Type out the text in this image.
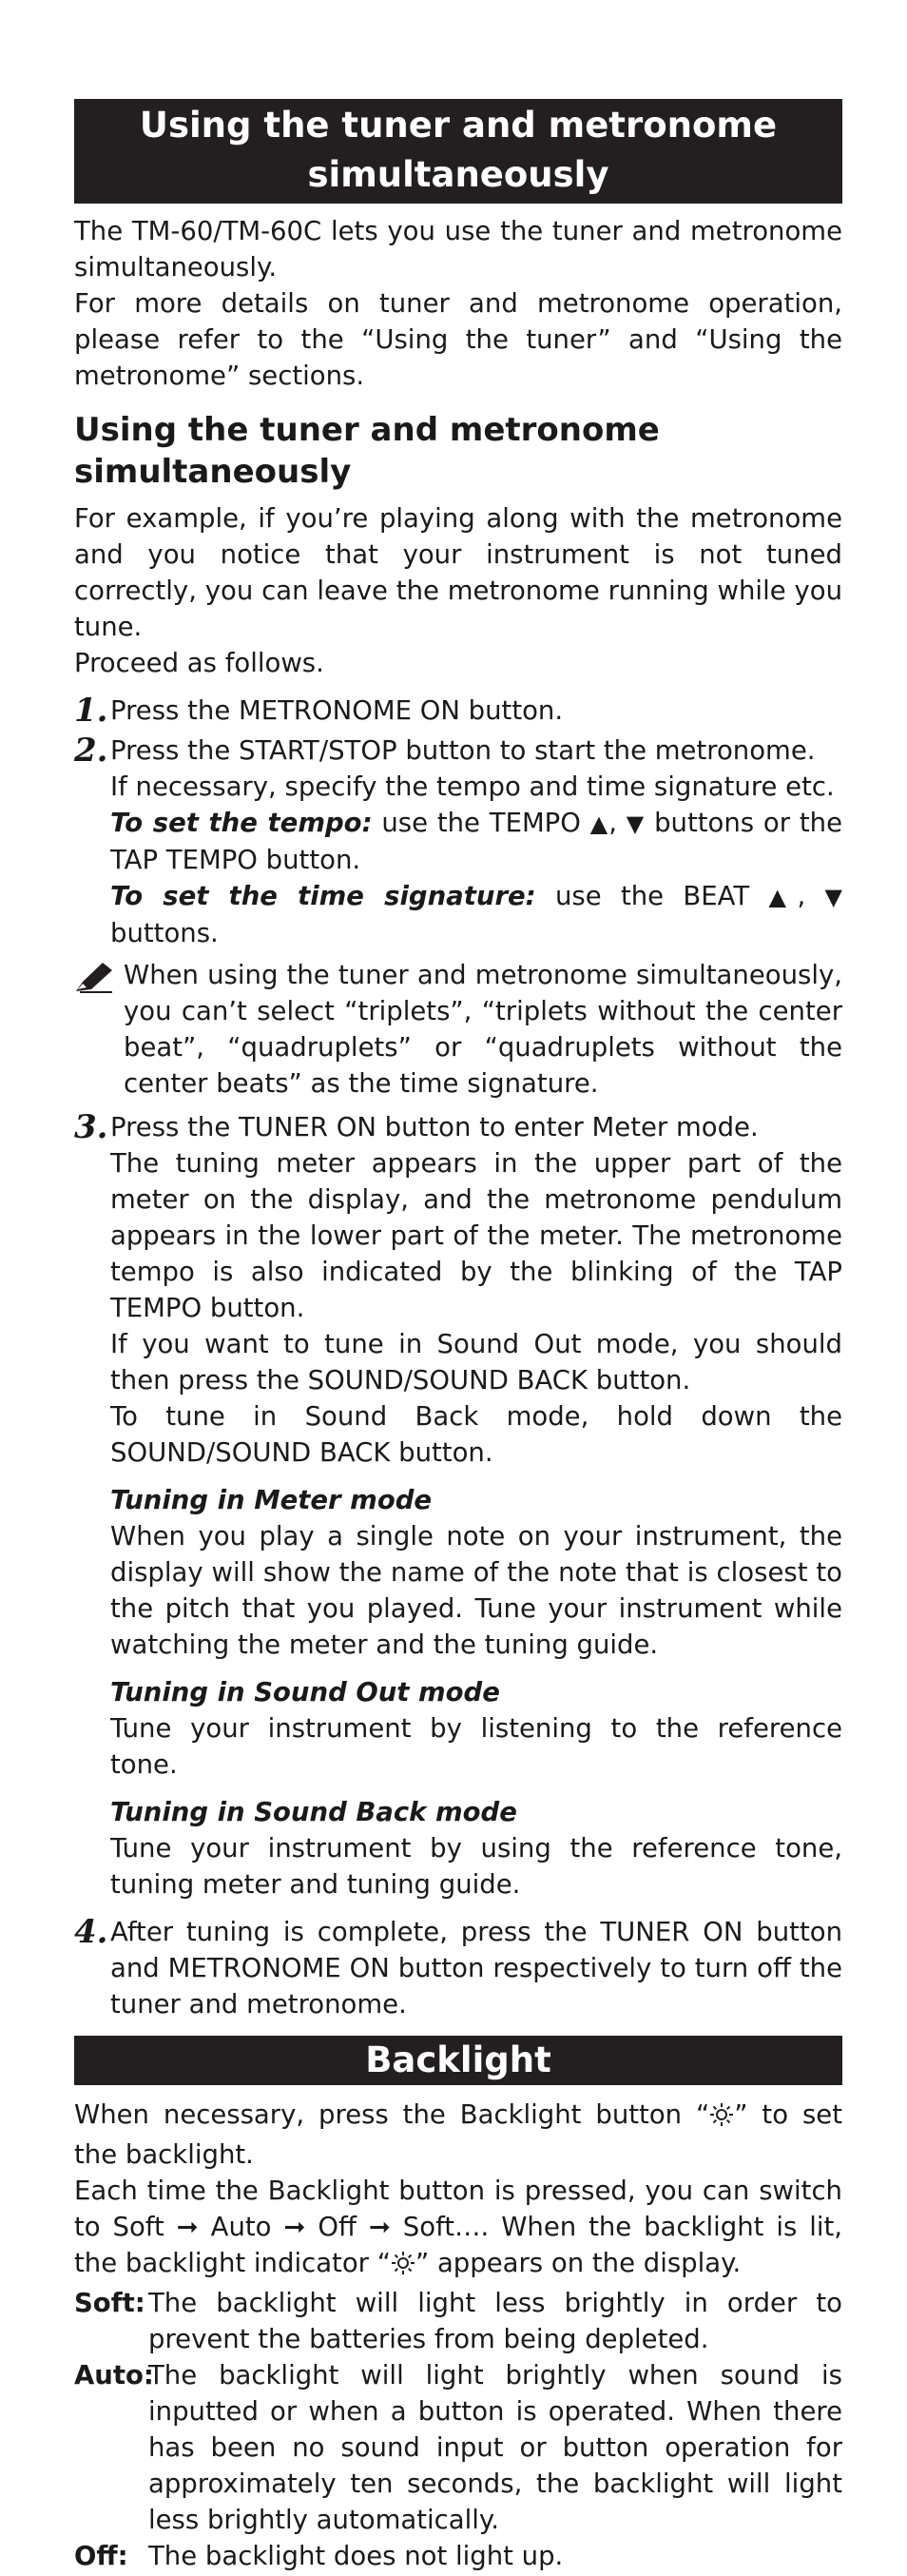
Using the tuner and metronome
simultaneously

The TM-60/TM-60C lets you use the tuner and metronome simultaneously.

For more details on tuner and metronome operation, please refer to the “Using the tuner” and “Using the metronome” sections.

Using the tuner and metronome simultaneously

For example, if you’re playing along with the metronome and you notice that your instrument is not tuned correctly, you can leave the metronome running while you tune.

Proceed as follows.

1. Press the METRONOME ON button.

2. Press the START/STOP button to start the metronome.

If necessary, specify the tempo and time signature etc.

To set the tempo: use the TEMPO ▲, ▼ buttons or the TAP TEMPO button.

To set the time signature: use the BEAT ▲, ▼ buttons.

When using the tuner and metronome simultaneously, you can’t select “triplets”, “triplets without the center beat”, “quadruplets” or “quadruplets without the center beats” as the time signature.

3. Press the TUNER ON button to enter Meter mode.

The tuning meter appears in the upper part of the meter on the display, and the metronome pendulum appears in the lower part of the meter. The metronome tempo is also indicated by the blinking of the TAP TEMPO button.

If you want to tune in Sound Out mode, you should then press the SOUND/SOUND BACK button.

To tune in Sound Back mode, hold down the SOUND/SOUND BACK button.

Tuning in Meter mode

When you play a single note on your instrument, the display will show the name of the note that is closest to the pitch that you played. Tune your instrument while watching the meter and the tuning guide.

Tuning in Sound Out mode

Tune your instrument by listening to the reference tone.

Tuning in Sound Back mode

Tune your instrument by using the reference tone, tuning meter and tuning guide.

4. After tuning is complete, press the TUNER ON button and METRONOME ON button respectively to turn off the tuner and metronome.

Backlight

When necessary, press the Backlight button “ ” to set the backlight.

Each time the Backlight button is pressed, you can switch to Soft ➞ Auto ➞ Off ➞ Soft…. When the backlight is lit, the backlight indicator “ ” appears on the display.

Soft: The backlight will light less brightly in order to prevent the batteries from being depleted.

Auto:

The backlight will light brightly when sound is inputted or when a button is operated. When there has been no sound input or button operation for approximately ten seconds, the backlight will light less brightly automatically.

Off: The backlight does not light up.
